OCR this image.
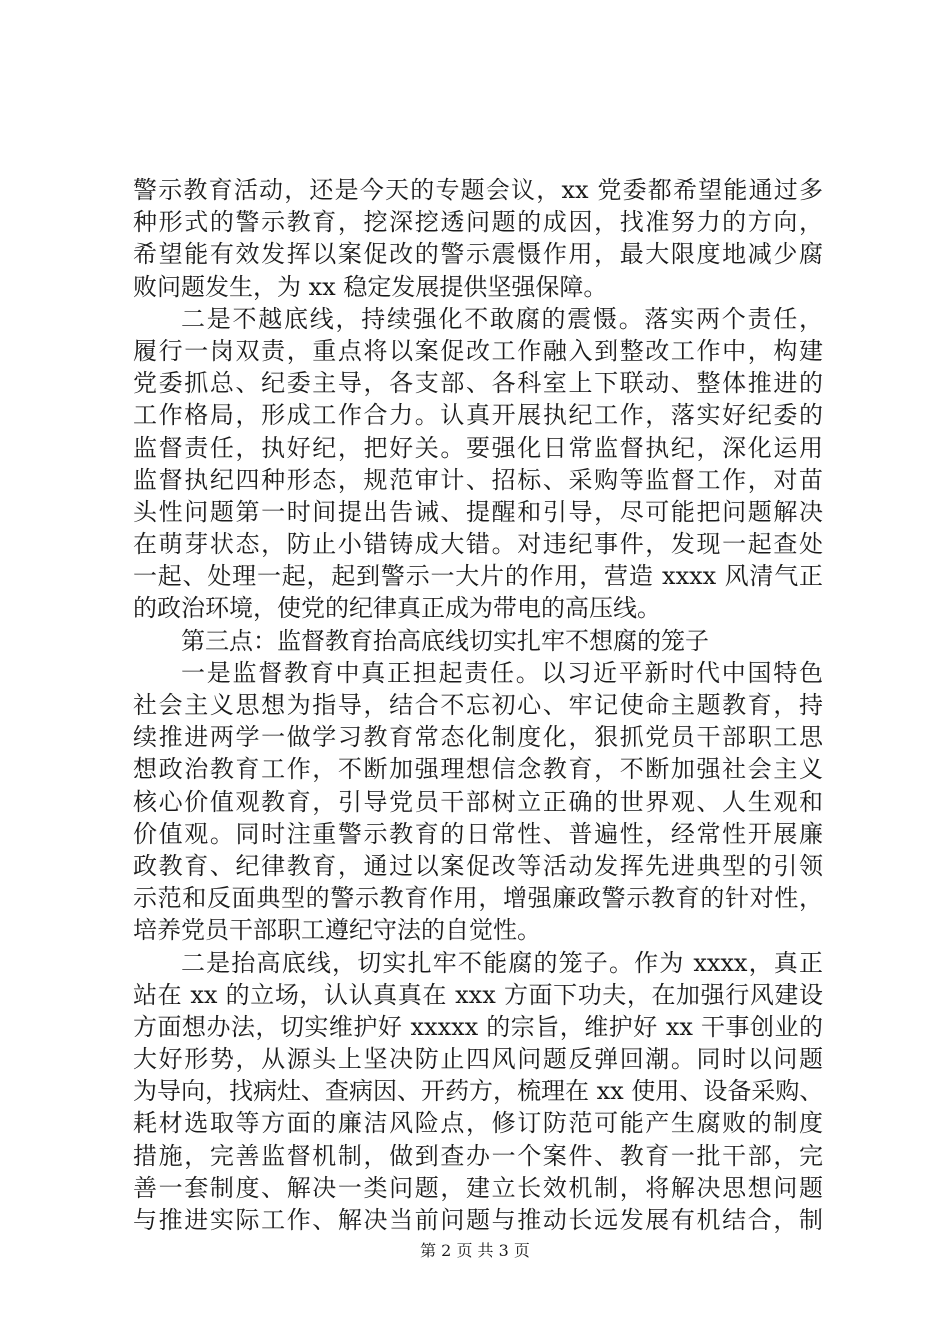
警示教育活动，还是今天的专题会议，xx 党委都希望能通过多
种形式的警示教育，挖深挖透问题的成因，找准努力的方向，
希望能有效发挥以案促改的警示震慑作用，最大限度地减少腐
败问题发生，为 xx 稳定发展提供坚强保障。
二是不越底线，持续强化不敢腐的震慑。落实两个责任，
履行一岗双责，重点将以案促改工作融入到整改工作中，构建
党委抓总、纪委主导，各支部、各科室上下联动、整体推进的
工作格局，形成工作合力。认真开展执纪工作，落实好纪委的
监督责任，执好纪，把好关。要强化日常监督执纪，深化运用
监督执纪四种形态，规范审计、招标、采购等监督工作，对苗
头性问题第一时间提出告诫、提醒和引导，尽可能把问题解决
在萌芽状态，防止小错铸成大错。对违纪事件，发现一起查处
一起、处理一起，起到警示一大片的作用，营造 xxxx 风清气正
的政治环境，使党的纪律真正成为带电的高压线。
第三点：监督教育抬高底线切实扎牢不想腐的笼子
一是监督教育中真正担起责任。以习近平新时代中国特色
社会主义思想为指导，结合不忘初心、牢记使命主题教育，持
续推进两学一做学习教育常态化制度化，狠抓党员干部职工思
想政治教育工作，不断加强理想信念教育，不断加强社会主义
核心价值观教育，引导党员干部树立正确的世界观、人生观和
价值观。同时注重警示教育的日常性、普遍性，经常性开展廉
政教育、纪律教育，通过以案促改等活动发挥先进典型的引领
示范和反面典型的警示教育作用，增强廉政警示教育的针对性，
培养党员干部职工遵纪守法的自觉性。
二是抬高底线，切实扎牢不能腐的笼子。作为 xxxx，真正
站在 xx 的立场，认认真真在 xxx 方面下功夫，在加强行风建设
方面想办法，切实维护好 xxxxx 的宗旨，维护好 xx 干事创业的
大好形势，从源头上坚决防止四风问题反弹回潮。同时以问题
为导向，找病灶、查病因、开药方，梳理在 xx 使用、设备采购、
耗材选取等方面的廉洁风险点，修订防范可能产生腐败的制度
措施，完善监督机制，做到查办一个案件、教育一批干部，完
善一套制度、解决一类问题，建立长效机制，将解决思想问题
与推进实际工作、解决当前问题与推动长远发展有机结合，制
第 2 页 共 3 页
